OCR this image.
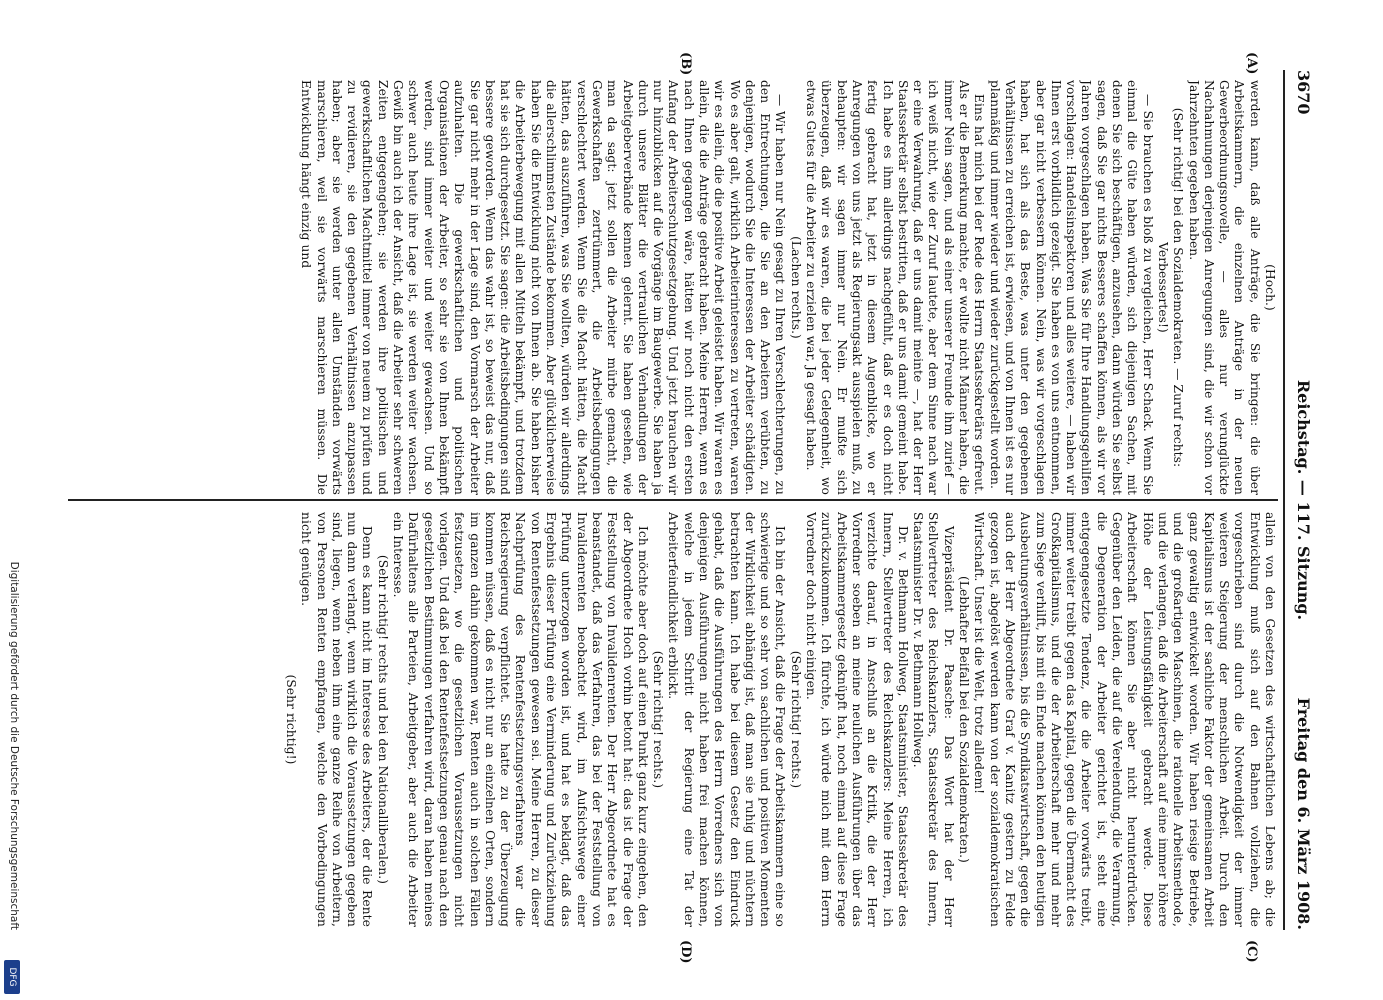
3670
Reichstag. — 117. Sitzung.
Freitag den 6. März 1908.
(A)
(B)
(C)
(D)

(Hoch.)

werden kann, daß alle Anträge, die Sie bringen: die über Arbeitskammern, die einzelnen Anträge in der neuen Gewerbeordnungsnovelle, — alles nur verunglückte Nachahmungen derjenigen Anregungen sind, die wir schon vor Jahrzehnten gegeben haben.

(Sehr richtig! bei den Sozialdemokraten. — Zuruf rechts: Verbessertes!)

— Sie brauchen es bloß zu vergleichen, Herr Schack. Wenn Sie einmal die Güte haben würden, sich diejenigen Sachen, mit denen Sie sich beschäftigen, anzusehen, dann würden Sie selbst sagen, daß Sie gar nichts Besseres schaffen können, als wir vor Jahren vorgeschlagen haben. Was Sie für Ihre Handlungsgehilfen vorschlagen: Handelsinspektoren und alles weitere, — haben wir Ihnen erst vorbildlich gezeigt. Sie haben es von uns entnommen, aber gar nicht verbessern können. Nein, was wir vorgeschlagen haben, hat sich als das Beste, was unter den gegebenen Verhältnissen zu erreichen ist, erwiesen, und von Ihnen ist es nur planmäßig und immer wieder und wieder zurückgestellt worden.

Eins hat mich bei der Rede des Herrn Staatssekretärs gefreut. Als er die Bemerkung machte, er wollte nicht Männer haben, die immer Nein sagen, und als einer unserer Freunde ihm zurief — ich weiß nicht, wie der Zuruf lautete, aber dem Sinne nach war er eine Verwahrung, daß er uns damit meinte —, hat der Herr Staatssekretär selbst bestritten, daß er uns damit gemeint habe. Ich habe es ihm allerdings nachgefühlt, daß er es doch nicht fertig gebracht hat, jetzt in diesem Augenblicke, wo er Anregungen von uns jetzt als Regierungsakt ausspielen muß, zu behaupten: wir sagen immer nur Nein. Er mußte sich überzeugen, daß wir es waren, die bei jeder Gelegenheit, wo etwas Gutes für die Arbeiter zu erzielen war, Ja gesagt haben.

(Lachen rechts.)

— Wir haben nur Nein gesagt zu Ihren Verschlechterungen, zu den Entrechtungen, die Sie an den Arbeitern verübten, zu denjenigen, wodurch Sie die Interessen der Arbeiter schädigten. Wo es aber galt, wirklich Arbeiterinteressen zu vertreten, waren wir es allein, die die positive Arbeit geleistet haben. Wir waren es allein, die die Anträge gebracht haben. Meine Herren, wenn es nach Ihnen gegangen wäre, hätten wir noch nicht den ersten Anfang der Arbeiterschutzgesetzgebung. Und jetzt brauchen wir nur hinzublicken auf die Vorgänge im Baugewerbe. Sie haben ja durch unsere Blätter die vertraulichen Verhandlungen der Arbeitgeberverbände kennen gelernt. Sie haben gesehen, wie man da sagt: jetzt sollen die Arbeiter mürbe gemacht, die Gewerkschaften zertrümmert, die Arbeitsbedingungen verschlechtert werden. Wenn Sie die Macht hätten, die Macht hätten, das auszuführen, was Sie wollten, würden wir allerdings die allerschlimmsten Zustände bekommen. Aber glücklicherweise haben Sie die Entwicklung nicht von Ihnen ab. Sie haben bisher die Arbeiterbewegung mit allen Mitteln bekämpft, und trotzdem hat sie sich durchgesetzt. Sie sagen: die Arbeitsbedingungen sind bessere geworden. Wenn das wahr ist, so beweist das nur, daß Sie gar nicht mehr in der Lage sind, den Vormarsch der Arbeiter aufzuhalten. Die gewerkschaftlichen und politischen Organisationen der Arbeiter, so sehr sie von Ihnen bekämpft werden, sind immer weiter und weiter gewachsen. Und so schwer auch heute ihre Lage ist, sie werden weiter wachsen. Gewiß bin auch ich der Ansicht, daß die Arbeiter sehr schweren Zeiten entgegengehen; sie werden ihre politischen und gewerkschaftlichen Machtmittel immer von neuem zu prüfen und zu revidieren, sie den gegebenen Verhältnissen anzupassen haben; aber sie werden unter allen Umständen vorwärts marschieren, weil sie vorwärts marschieren müssen. Die Entwicklung hängt einzig und

allein von den Gesetzen des wirtschaftlichen Lebens ab; die Entwicklung muß sich auf den Bahnen vollziehen, die vorgeschrieben sind durch die Notwendigkeit der immer weiteren Steigerung der menschlichen Arbeit. Durch den Kapitalismus ist der sachliche Faktor der gemeinsamen Arbeit ganz gewaltig entwickelt worden. Wir haben riesige Betriebe, und die großartigen Maschinen, die rationelle Arbeitsmethode, und die verlangen, daß die Arbeiterschaft auf eine immer höhere Höhe der Leistungsfähigkeit gebracht werde. Diese Arbeiterschaft können Sie aber nicht herunterdrücken. Gegenüber den Leiden, die auf die Verelendung, die Verarmung, die Degeneration der Arbeiter gerichtet ist, steht eine entgegengesetzte Tendenz, die die Arbeiter vorwärts treibt, immer weiter treibt gegen das Kapital, gegen die Übermacht des Großkapitalismus, und die der Arbeiterschaft mehr und mehr zum Siege verhilft, bis mit ein Ende machen können den heutigen Ausbeutungsverhältnissen, bis die Syndikatswirtschaft, gegen die auch der Herr Abgeordnete Graf v. Kanitz gestern zu Felde gezogen ist, abgelöst werden kann von der sozialdemokratischen Wirtschaft. Unser ist die Welt, trotz alledem!

(Lebhafter Beifall bei den Sozialdemokraten.)

Vizepräsident Dr. Paasche: Das Wort hat der Herr Stellvertreter des Reichskanzlers, Staatssekretär des Innern, Staatsminister Dr. v. Bethmann Hollweg.

Dr. v. Bethmann Hollweg, Staatsminister, Staatssekretär des Innern, Stellvertreter des Reichskanzlers: Meine Herren, ich verzichte darauf, in Anschluß an die Kritik, die der Herr Vorredner soeben an meine neulichen Ausführungen über das Arbeitskammergesetz geknüpft hat, noch einmal auf diese Frage zurückzukommen. Ich fürchte, ich würde mich mit dem Herrn Vorredner doch nicht einigen.

(Sehr richtig! rechts.)

Ich bin der Ansicht, daß die Frage der Arbeitskammern eine so schwierige und so sehr von sachlichen und positiven Momenten der Wirklichkeit abhängig ist, daß man sie ruhig und nüchtern betrachten kann. Ich habe bei diesem Gesetz den Eindruck gehabt, daß die Ausführungen des Herrn Vorredners sich von denjenigen Ausführungen nicht haben frei machen können, welche in jedem Schritt der Regierung eine Tat der Arbeiterfeindlichkeit erblickt.

(Sehr richtig! rechts.)

Ich möchte aber doch auf einen Punkt ganz kurz eingehen, den der Abgeordnete Hoch vorhin betont hat: das ist die Frage der Feststellung von Invalidenrenten. Der Herr Abgeordnete hat es beanstandet, daß das Verfahren, das bei der Feststellung von Invalidenrenten beobachtet wird, im Aufsichtswege einer Prüfung unterzogen worden ist, und hat es beklagt, daß das Ergebnis dieser Prüfung eine Verminderung und Zurückziehung von Rentenfestsetzungen gewesen sei. Meine Herren, zu dieser Nachprüfung des Rentenfestsetzungsverfahrens war die Reichsregierung verpflichtet. Sie hatte zu der Überzeugung kommen müssen, daß es nicht nur an einzelnen Orten, sondern im ganzen dahin gekommen war, Renten auch in solchen Fällen festzusetzen, wo die gesetzlichen Voraussetzungen nicht vorlagen. Und daß bei den Rentenfestsetzungen genau nach den gesetzlichen Bestimmungen verfahren wird, daran haben meines Dafürhaltens alle Parteien, Arbeitgeber, aber auch die Arbeiter ein Interesse.

(Sehr richtig! rechts und bei den Nationalliberalen.)

Denn es kann nicht im Interesse des Arbeiters, der die Rente nun dann verlangt, wenn wirklich die Voraussetzungen gegeben sind, liegen, wenn neben ihm eine ganze Reihe von Arbeitern, von Personen Renten empfangen, welche den Vorbedingungen nicht genügen.

(Sehr richtig!)

Digitalisierung gefördert durch die Deutsche Forschungsgemeinschaft
DFG
